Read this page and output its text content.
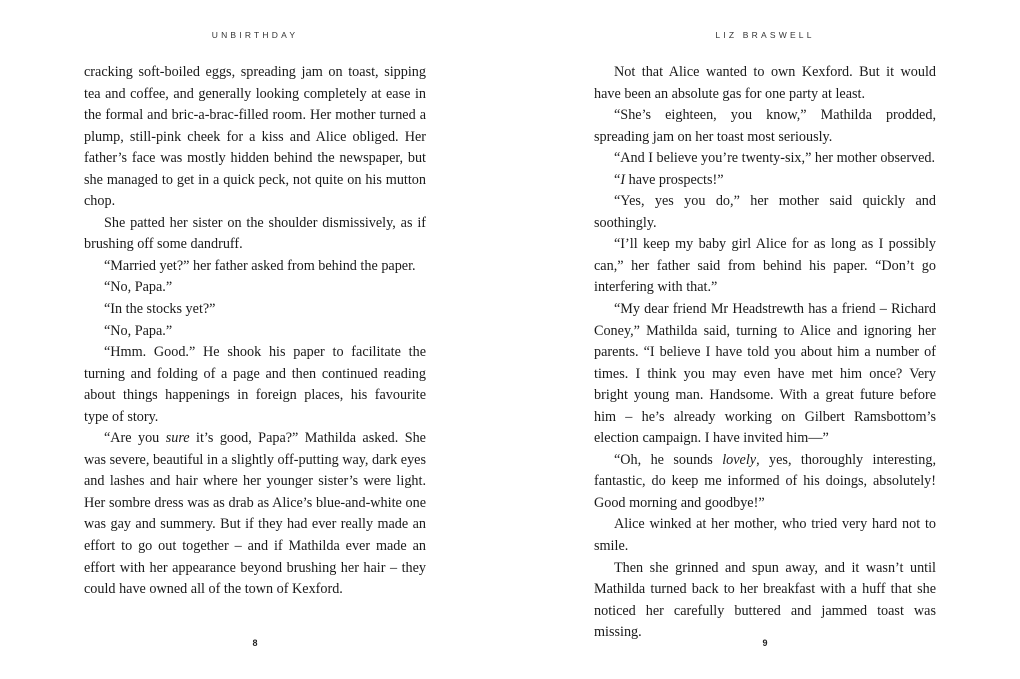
UNBIRTHDAY

cracking soft-boiled eggs, spreading jam on toast, sipping tea and coffee, and generally looking completely at ease in the formal and bric-a-brac-filled room. Her mother turned a plump, still-pink cheek for a kiss and Alice obliged. Her father’s face was mostly hidden behind the newspaper, but she managed to get in a quick peck, not quite on his mutton chop.

She patted her sister on the shoulder dismissively, as if brushing off some dandruff.

“Married yet?” her father asked from behind the paper.

“No, Papa.”

“In the stocks yet?”

“No, Papa.”

“Hmm. Good.” He shook his paper to facilitate the turning and folding of a page and then continued reading about things happenings in foreign places, his favourite type of story.

“Are you sure it’s good, Papa?” Mathilda asked. She was severe, beautiful in a slightly off-putting way, dark eyes and lashes and hair where her younger sister’s were light. Her sombre dress was as drab as Alice’s blue-and-white one was gay and summery. But if they had ever really made an effort to go out together – and if Mathilda ever made an effort with her appearance beyond brushing her hair – they could have owned all of the town of Kexford.

8
LIZ BRASWELL

Not that Alice wanted to own Kexford. But it would have been an absolute gas for one party at least.

“She’s eighteen, you know,” Mathilda prodded, spreading jam on her toast most seriously.

“And I believe you’re twenty-six,” her mother observed.

“I have prospects!”

“Yes, yes you do,” her mother said quickly and soothingly.

“I’ll keep my baby girl Alice for as long as I possibly can,” her father said from behind his paper. “Don’t go interfering with that.”

“My dear friend Mr Headstrewth has a friend – Richard Coney,” Mathilda said, turning to Alice and ignoring her parents. “I believe I have told you about him a number of times. I think you may even have met him once? Very bright young man. Handsome. With a great future before him – he’s already working on Gilbert Ramsbottom’s election campaign. I have invited him—”

“Oh, he sounds lovely, yes, thoroughly interesting, fantastic, do keep me informed of his doings, absolutely! Good morning and goodbye!”

Alice winked at her mother, who tried very hard not to smile.

Then she grinned and spun away, and it wasn’t until Mathilda turned back to her breakfast with a huff that she noticed her carefully buttered and jammed toast was missing.

9
